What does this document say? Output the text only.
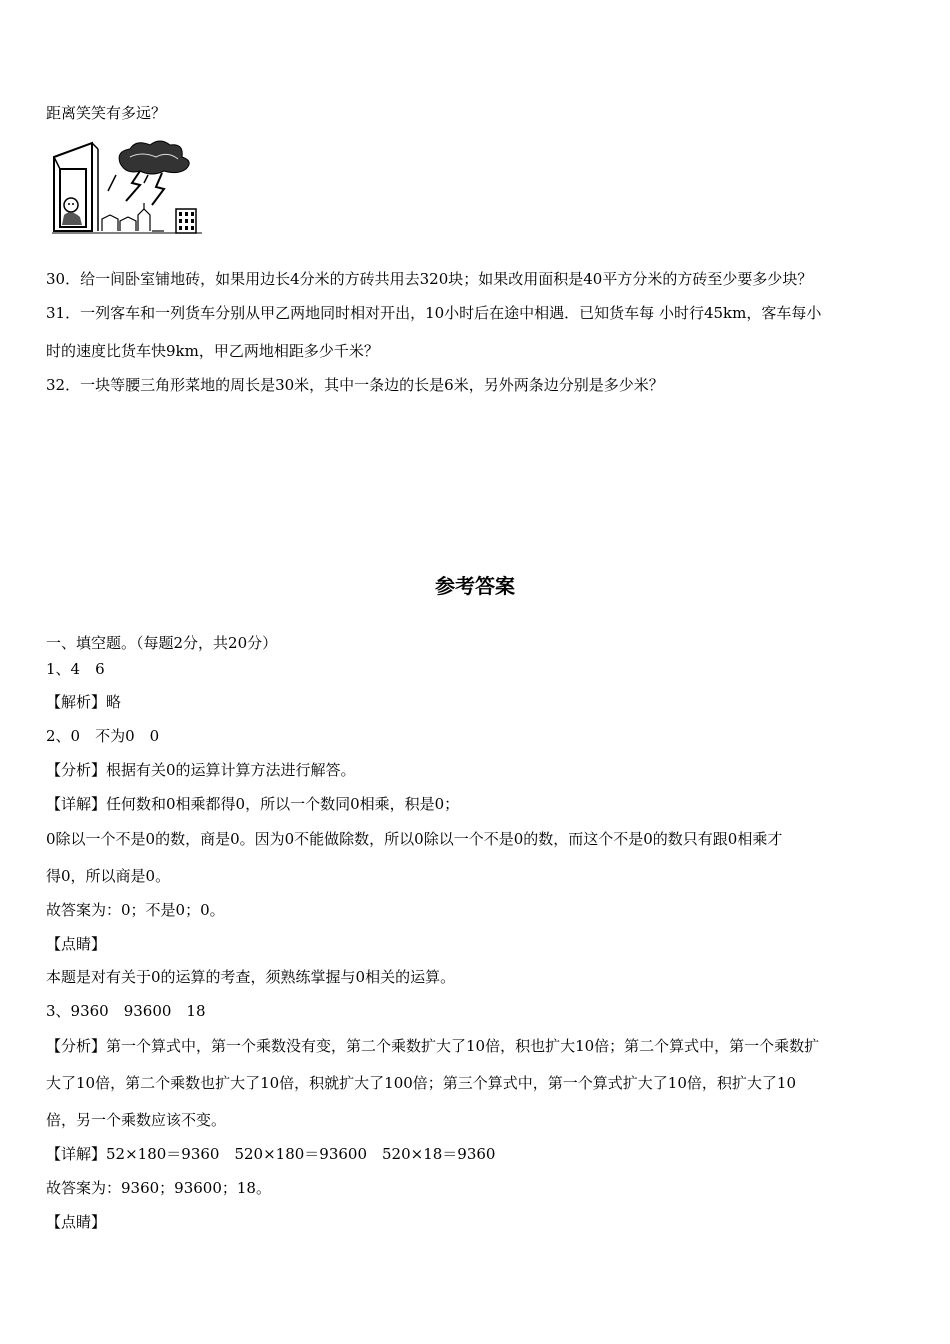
距离笑笑有多远？
30．给一间卧室铺地砖，如果用边长4分米的方砖共用去320块；如果改用面积是40平方分米的方砖至少要多少块？
31．一列客车和一列货车分别从甲乙两地同时相对开出，10小时后在途中相遇．已知货车每 小时行45km，客车每小
时的速度比货车快9km，甲乙两地相距多少千米？
32．一块等腰三角形菜地的周长是30米，其中一条边的长是6米，另外两条边分别是多少米？
参考答案
一、填空题。（每题2分，共20分）
1、4　6
【解析】略
2、0　不为0　0
【分析】根据有关0的运算计算方法进行解答。
【详解】任何数和0相乘都得0，所以一个数同0相乘，积是0；
0除以一个不是0的数，商是0。因为0不能做除数，所以0除以一个不是0的数，而这个不是0的数只有跟0相乘才
得0，所以商是0。
故答案为：0；不是0；0。
【点睛】
本题是对有关于0的运算的考查，须熟练掌握与0相关的运算。
3、9360　93600　18
【分析】第一个算式中，第一个乘数没有变，第二个乘数扩大了10倍，积也扩大10倍；第二个算式中，第一个乘数扩
大了10倍，第二个乘数也扩大了10倍，积就扩大了100倍；第三个算式中，第一个算式扩大了10倍，积扩大了10
倍，另一个乘数应该不变。
【详解】52×180＝9360　520×180＝93600　520×18＝9360
故答案为：9360；93600；18。
【点睛】
